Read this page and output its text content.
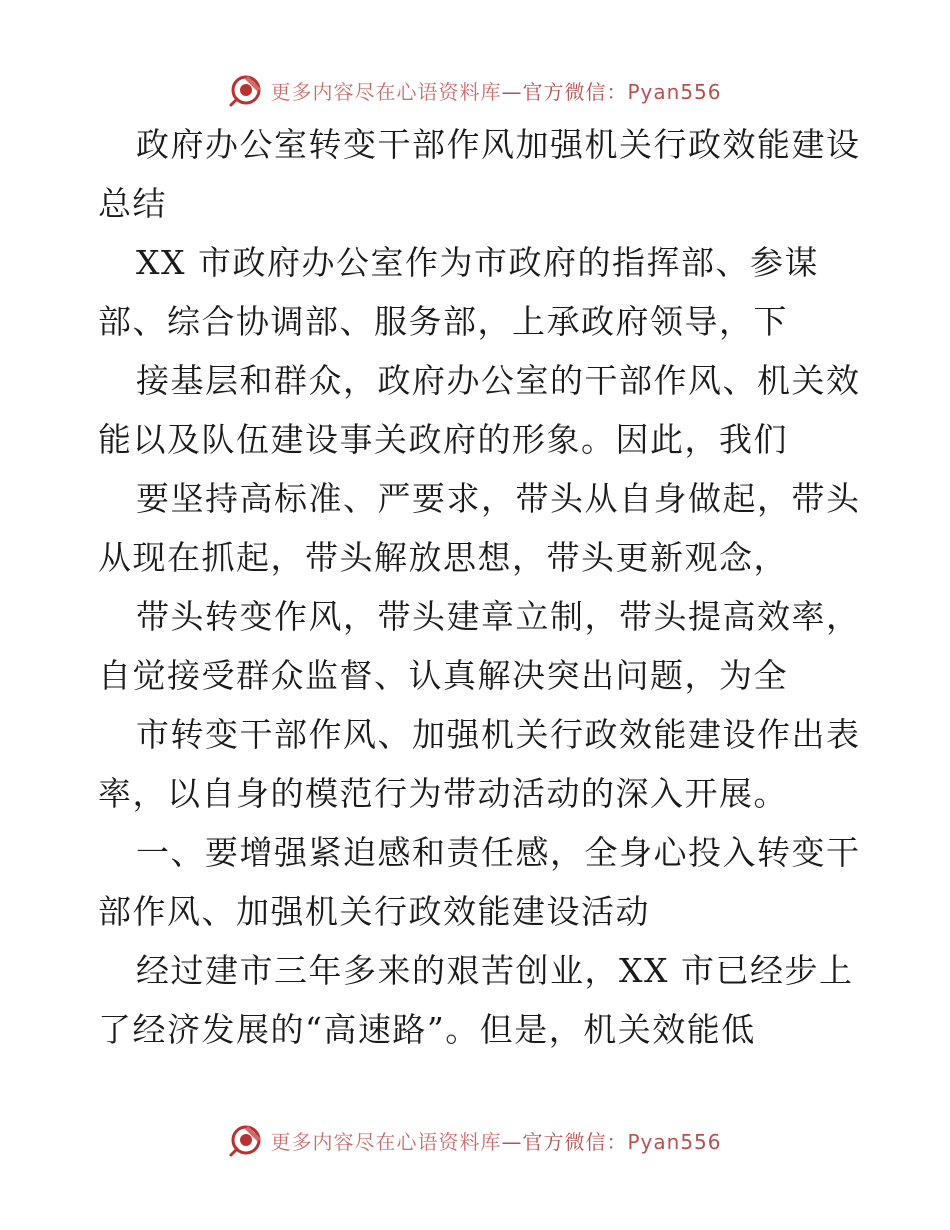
更多内容尽在心语资料库—官方微信：Pyan556
政府办公室转变干部作风加强机关行政效能建设
总结
XX 市政府办公室作为市政府的指挥部、参谋
部、综合协调部、服务部，上承政府领导，下
接基层和群众，政府办公室的干部作风、机关效
能以及队伍建设事关政府的形象。因此，我们
要坚持高标准、严要求，带头从自身做起，带头
从现在抓起，带头解放思想，带头更新观念，
带头转变作风，带头建章立制，带头提高效率，
自觉接受群众监督、认真解决突出问题，为全
市转变干部作风、加强机关行政效能建设作出表
率，以自身的模范行为带动活动的深入开展。
一、要增强紧迫感和责任感，全身心投入转变干
部作风、加强机关行政效能建设活动
经过建市三年多来的艰苦创业，XX 市已经步上
了经济发展的“高速路”。但是，机关效能低
更多内容尽在心语资料库—官方微信：Pyan556
